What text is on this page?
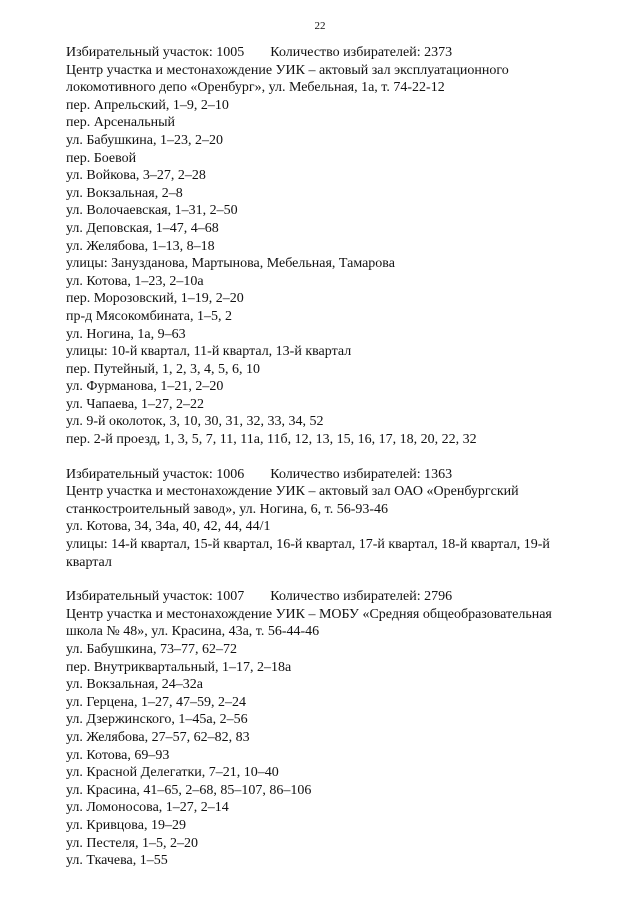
22
Избирательный участок: 1005 Количество избирателей: 2373
Центр участка и местонахождение УИК – актовый зал эксплуатационного
локомотивного депо «Оренбург», ул. Мебельная, 1а, т. 74-22-12
пер. Апрельский, 1–9, 2–10
пер. Арсенальный
ул. Бабушкина, 1–23, 2–20
пер. Боевой
ул. Войкова, 3–27, 2–28
ул. Вокзальная, 2–8
ул. Волочаевская, 1–31, 2–50
ул. Деповская, 1–47, 4–68
ул. Желябова, 1–13, 8–18
улицы: Занузданова, Мартынова, Мебельная, Тамарова
ул. Котова, 1–23, 2–10а
пер. Морозовский, 1–19, 2–20
пр-д Мясокомбината, 1–5, 2
ул. Ногина, 1а, 9–63
улицы: 10-й квартал, 11-й квартал, 13-й квартал
пер. Путейный, 1, 2, 3, 4, 5, 6, 10
ул. Фурманова, 1–21, 2–20
ул. Чапаева, 1–27, 2–22
ул. 9-й околоток, 3, 10, 30, 31, 32, 33, 34, 52
пер. 2-й проезд, 1, 3, 5, 7, 11, 11а, 11б, 12, 13, 15, 16, 17, 18, 20, 22, 32
Избирательный участок: 1006 Количество избирателей: 1363
Центр участка и местонахождение УИК – актовый зал ОАО «Оренбургский
станкостроительный завод», ул. Ногина, 6, т. 56-93-46
ул. Котова, 34, 34а, 40, 42, 44, 44/1
улицы: 14-й квартал, 15-й квартал, 16-й квартал, 17-й квартал, 18-й квартал, 19-й
квартал
Избирательный участок: 1007 Количество избирателей: 2796
Центр участка и местонахождение УИК – МОБУ «Средняя общеобразовательная
школа № 48», ул. Красина, 43а, т. 56-44-46
ул. Бабушкина, 73–77, 62–72
пер. Внутриквартальный, 1–17, 2–18а
ул. Вокзальная, 24–32а
ул. Герцена, 1–27, 47–59, 2–24
ул. Дзержинского, 1–45а, 2–56
ул. Желябова, 27–57, 62–82, 83
ул. Котова, 69–93
ул. Красной Делегатки, 7–21, 10–40
ул. Красина, 41–65, 2–68, 85–107, 86–106
ул. Ломоносова, 1–27, 2–14
ул. Кривцова, 19–29
ул. Пестеля, 1–5, 2–20
ул. Ткачева, 1–55
